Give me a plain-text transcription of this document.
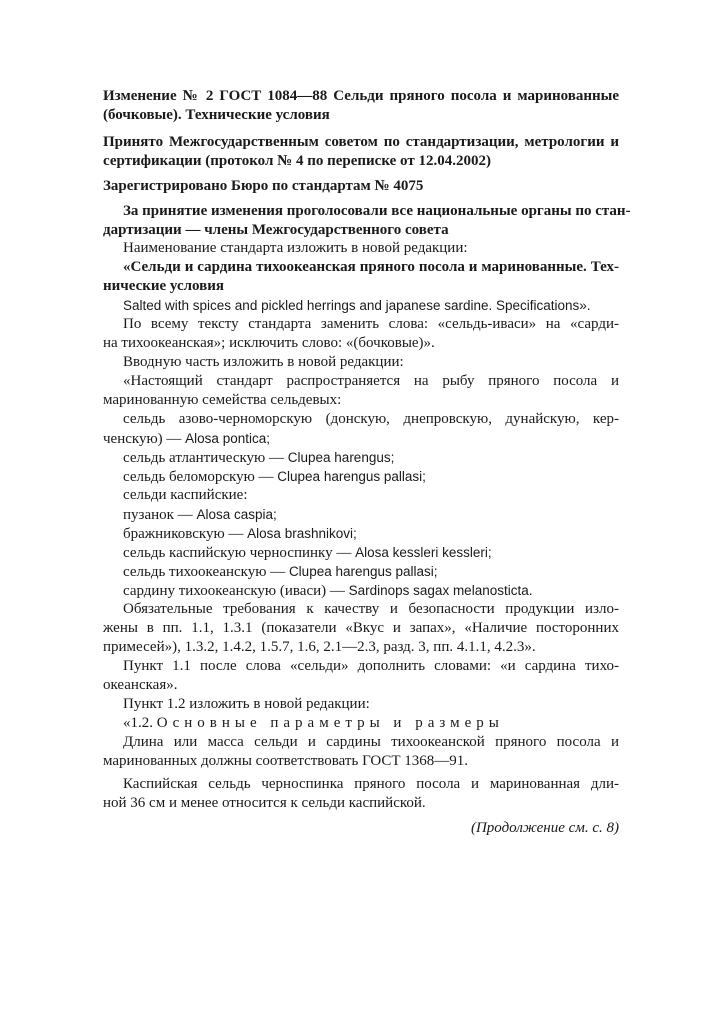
Изменение № 2 ГОСТ 1084—88 Сельди пряного посола и маринованные
(бочковые). Технические условия
Принято Межгосударственным советом по стандартизации, метрологии и
сертификации (протокол № 4 по переписке от 12.04.2002)
Зарегистрировано Бюро по стандартам № 4075
За принятие изменения проголосовали все национальные органы по стан-
дартизации — члены Межгосударственного совета
Наименование стандарта изложить в новой редакции:
«Сельди и сардина тихоокеанская пряного посола и маринованные. Тех-
нические условия
Salted with spices and pickled herrings and japanese sardine. Specifications».
По всему тексту стандарта заменить слова: «сельдь-иваси» на «сарди-
на тихоокеанская»; исключить слово: «(бочковые)».
Вводную часть изложить в новой редакции:
«Настоящий стандарт распространяется на рыбу пряного посола и
маринованную семейства сельдевых:
сельдь азово-черноморскую (донскую, днепровскую, дунайскую, кер-
ченскую) — Alosa pontica;
сельдь атлантическую — Clupea harengus;
сельдь беломорскую — Clupea harengus pallasi;
сельди каспийские:
пузанок — Alosa caspia;
бражниковскую — Alosa brashnikovi;
сельдь каспийскую черноспинку — Alosa kessleri kessleri;
сельдь тихоокеанскую — Clupea harengus pallasi;
сардину тихоокеанскую (иваси) — Sardinops sagax melanosticta.
Обязательные требования к качеству и безопасности продукции изло-
жены в пп. 1.1, 1.3.1 (показатели «Вкус и запах», «Наличие посторонних
примесей»), 1.3.2, 1.4.2, 1.5.7, 1.6, 2.1—2.3, разд. 3, пп. 4.1.1, 4.2.3».
Пункт 1.1 после слова «сельди» дополнить словами: «и сардина тихо-
океанская».
Пункт 1.2 изложить в новой редакции:
«1.2. Основные параметры и размеры
Длина или масса сельди и сардины тихоокеанской пряного посола и
маринованных должны соответствовать ГОСТ 1368—91.
Каспийская сельдь черноспинка пряного посола и маринованная дли-
ной 36 см и менее относится к сельди каспийской.
(Продолжение см. с. 8)
